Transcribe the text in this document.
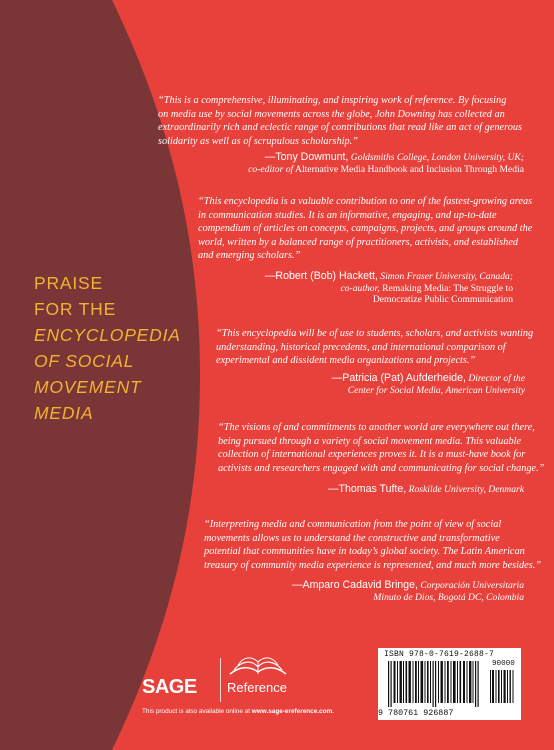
PRAISE
FOR THE
ENCYCLOPEDIA
OF SOCIAL
MOVEMENT
MEDIA
“This is a comprehensive, illuminating, and inspiring work of reference. By focusing
on media use by social movements across the globe, John Downing has collected an
extraordinarily rich and eclectic range of contributions that read like an act of generous
solidarity as well as of scrupulous scholarship.”
—Tony Dowmunt, Goldsmiths College, London University, UK;
co-editor of Alternative Media Handbook and Inclusion Through Media
“This encyclopedia is a valuable contribution to one of the fastest-growing areas
in communication studies. It is an informative, engaging, and up-to-date
compendium of articles on concepts, campaigns, projects, and groups around the
world, written by a balanced range of practitioners, activists, and established
and emerging scholars.”
—Robert (Bob) Hackett, Simon Fraser University, Canada;
co-author, Remaking Media: The Struggle to
Democratize Public Communication
“This encyclopedia will be of use to students, scholars, and activists wanting
understanding, historical precedents, and international comparison of
experimental and dissident media organizations and projects.”
—Patricia (Pat) Aufderheide, Director of the
Center for Social Media, American University
“The visions of and commitments to another world are everywhere out there,
being pursued through a variety of social movement media. This valuable
collection of international experiences proves it. It is a must-have book for
activists and researchers engaged with and communicating for social change.”
—Thomas Tufte, Roskilde University, Denmark
“Interpreting media and communication from the point of view of social
movements allows us to understand the constructive and transformative
potential that communities have in today’s global society. The Latin American
treasury of community media experience is represented, and much more besides.”
—Amparo Cadavid Bringe, Corporación Universitaria
Minuto de Dios, Bogotá DC, Colombia
SAGE Reference
This product is also available online at www.sage-ereference.com.
ISBN 978-0-7619-2688-7
90000
9 780761 926887
